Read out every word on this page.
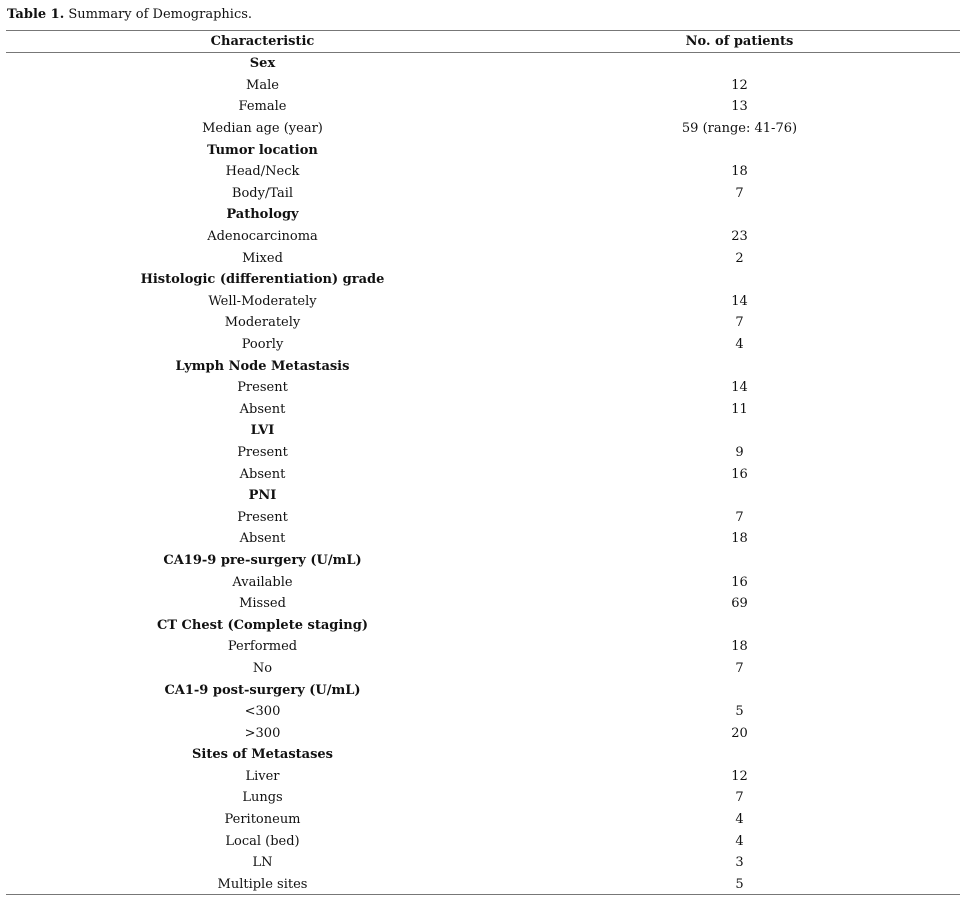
Table 1. Summary of Demographics.
Characteristic	No. of patients
Sex
Male	12
Female	13
Median age (year)	59 (range: 41-76)
Tumor location
Head/Neck	18
Body/Tail	7
Pathology
Adenocarcinoma	23
Mixed	2
Histologic (differentiation) grade
Well-Moderately	14
Moderately	7
Poorly	4
Lymph Node Metastasis
Present	14
Absent	11
LVI
Present	9
Absent	16
PNI
Present	7
Absent	18
CA19-9 pre-surgery (U/mL)
Available	16
Missed	69
CT Chest (Complete staging)
Performed	18
No	7
CA1-9 post-surgery (U/mL)
<300	5
>300	20
Sites of Metastases
Liver	12
Lungs	7
Peritoneum	4
Local (bed)	4
LN	3
Multiple sites	5
